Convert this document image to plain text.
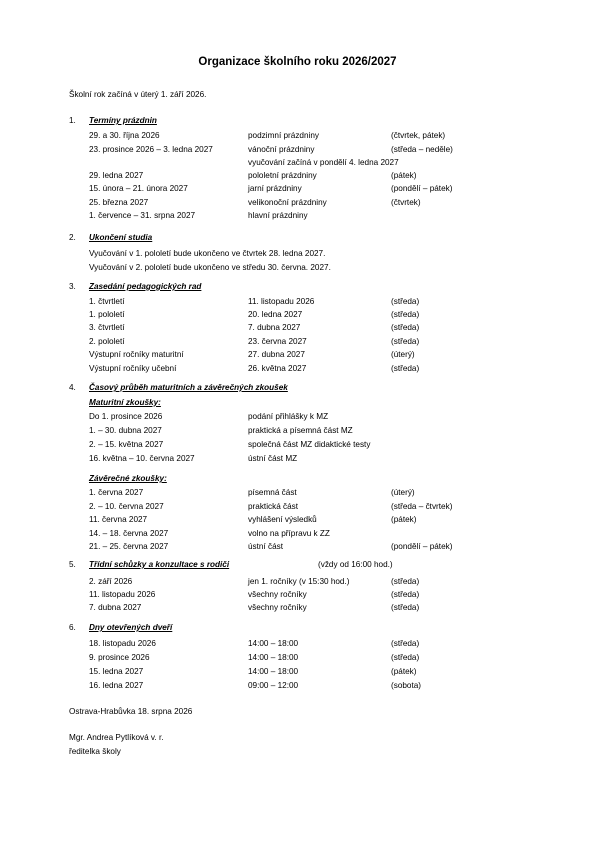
Organizace školního roku 2026/2027
Školní rok začíná v úterý 1. září 2026.
1. Termíny prázdnin
29. a 30. října 2026	podzimní prázdniny	(čtvrtek, pátek)
23. prosince 2026 – 3. ledna 2027	vánoční prázdniny	(středa – neděle)
vyučování začíná v pondělí 4. ledna 2027
29. ledna 2027	pololetní prázdniny	(pátek)
15. února – 21. února 2027	jarní prázdniny	(pondělí – pátek)
25. března 2027	velikonoční prázdniny	(čtvrtek)
1. července – 31. srpna 2027	hlavní prázdniny
2. Ukončení studia
Vyučování v 1. pololetí bude ukončeno ve čtvrtek 28. ledna 2027.
Vyučování v 2. pololetí bude ukončeno ve středu 30. června. 2027.
3. Zasedání pedagogických rad
1. čtvrtletí	11. listopadu 2026	(středa)
1. pololetí	20. ledna 2027	(středa)
3. čtvrtletí	7. dubna 2027	(středa)
2. pololetí	23. června 2027	(středa)
Výstupní ročníky maturitní	27. dubna 2027	(úterý)
Výstupní ročníky učební	26. května 2027	(středa)
4. Časový průběh maturitních a závěrečných zkoušek
Maturitní zkoušky:
Do 1. prosince 2026	podání přihlášky k MZ
1. – 30. dubna 2027	praktická a písemná část MZ
2. – 15. května 2027	společná část MZ didaktické testy
16. května – 10. června 2027	ústní část MZ
Závěrečné zkoušky:
1. června 2027	písemná část	(úterý)
2. – 10. června 2027	praktická část	(středa – čtvrtek)
11. června 2027	vyhlášení výsledků	(pátek)
14. – 18. června 2027	volno na přípravu k ZZ
21. – 25. června 2027	ústní část	(pondělí – pátek)
5. Třídní schůzky a konzultace s rodiči	(vždy od 16:00 hod.)
2. září 2026	jen 1. ročníky (v 15:30 hod.)	(středa)
11. listopadu 2026	všechny ročníky	(středa)
7. dubna 2027	všechny ročníky	(středa)
6. Dny otevřených dveří
18. listopadu 2026	14:00 – 18:00	(středa)
9. prosince 2026	14:00 – 18:00	(středa)
15. ledna 2027	14:00 – 18:00	(pátek)
16. ledna 2027	09:00 – 12:00	(sobota)
Ostrava-Hrabůvka 18. srpna 2026
Mgr. Andrea Pytlíková v. r.
ředitelka školy
